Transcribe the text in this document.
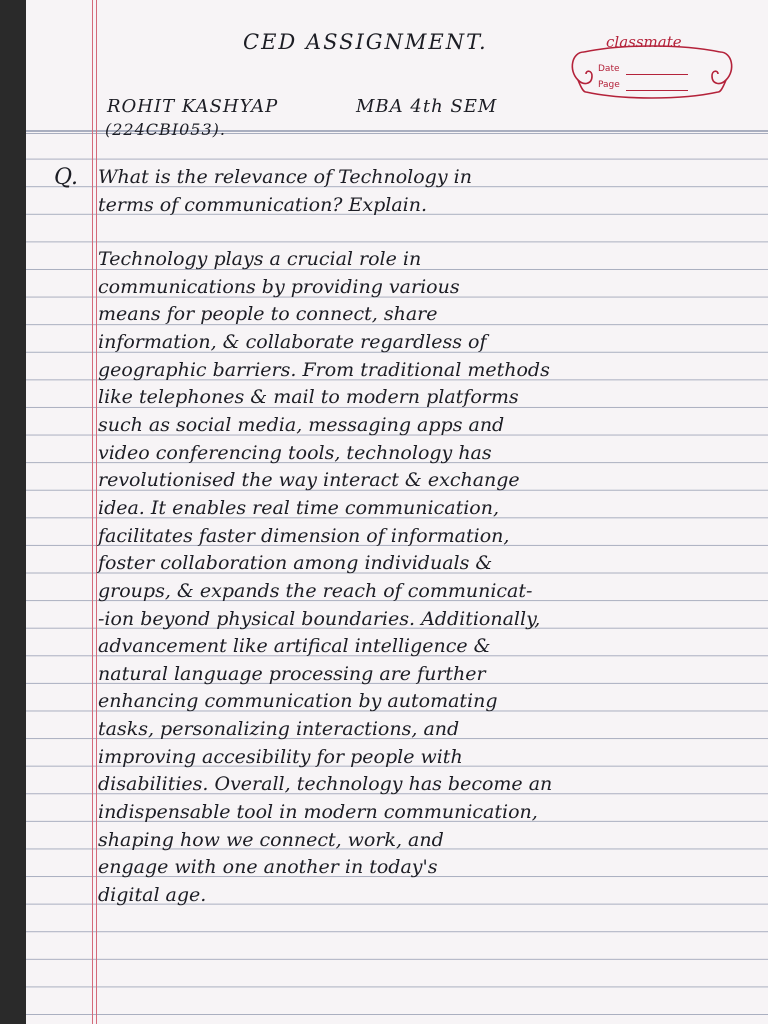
CED ASSIGNMENT.
ROHIT KASHYAP	MBA 4th SEM
(224CBI053).
classmate
Date
Page
Q. What is the relevance of Technology in
terms of communication? Explain.
Technology plays a crucial role in
communications by providing various
means for people to connect, share
information, & collaborate regardless of
geographic barriers. From traditional methods
like telephones & mail to modern platforms
such as social media, messaging apps and
video conferencing tools, technology has
revolutionised the way interact & exchange
idea. It enables real time communication,
facilitates faster dimension of information,
foster collaboration among individuals &
groups, & expands the reach of communicat-
-ion beyond physical boundaries. Additionally,
advancement like artifical intelligence &
natural language processing are further
enhancing communication by automating
tasks, personalizing interactions, and
improving accesibility for people with
disabilities. Overall, technology has become an
indispensable tool in modern communication,
shaping how we connect, work, and
engage with one another in today's
digital age.
